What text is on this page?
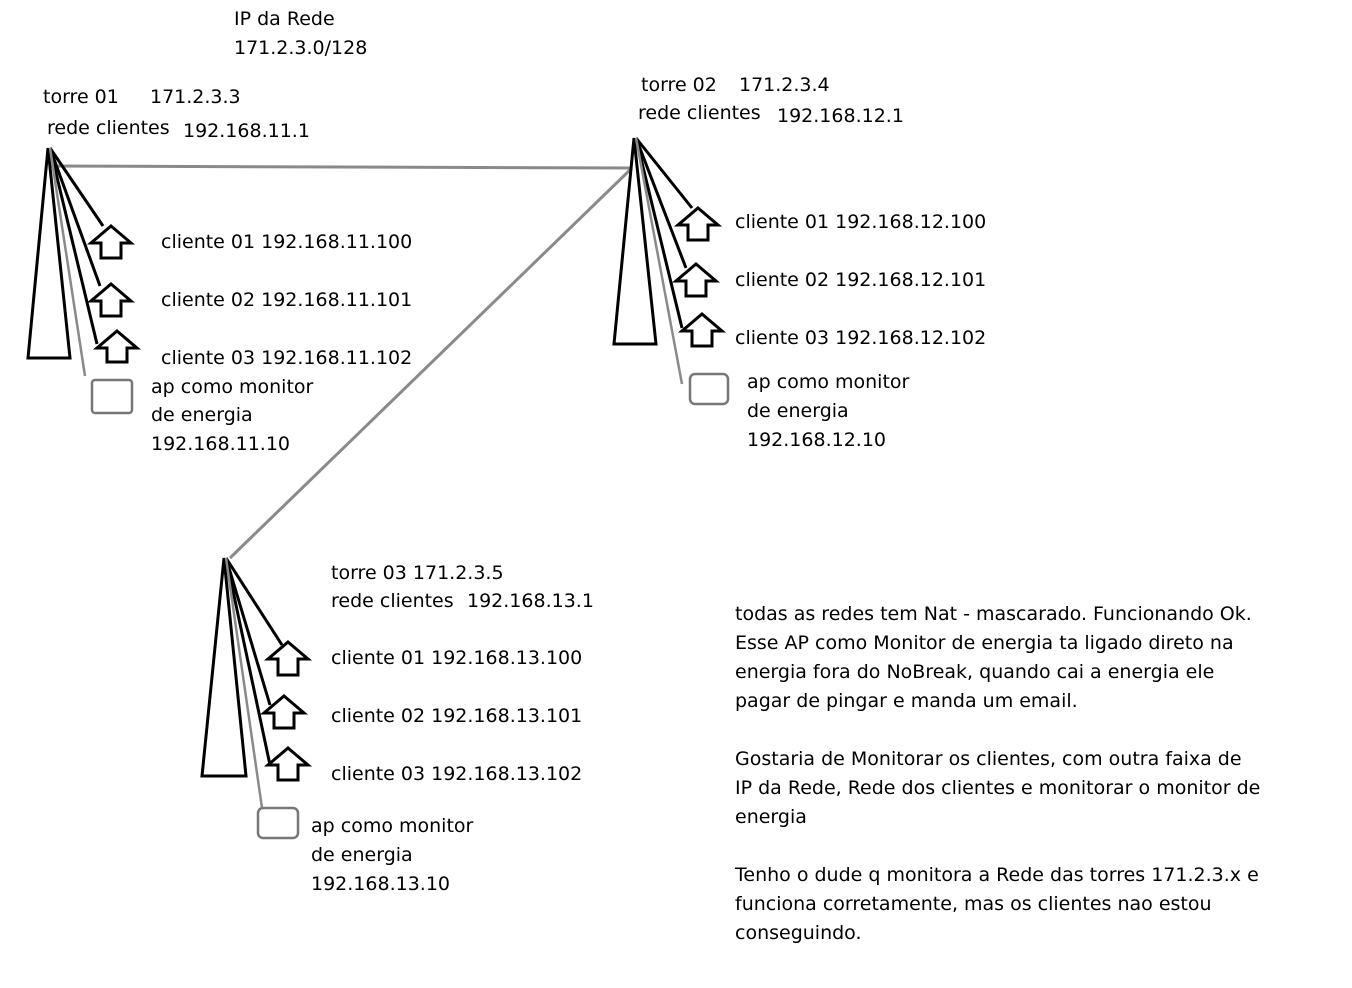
IP da Rede
171.2.3.0/128
torre 01 171.2.3.3
rede clientes 192.168.11.1
cliente 01 192.168.11.100
cliente 02 192.168.11.101
cliente 03 192.168.11.102
ap como monitor
de energia
192.168.11.10
torre 02 171.2.3.4
rede clientes 192.168.12.1
cliente 01 192.168.12.100
cliente 02 192.168.12.101
cliente 03 192.168.12.102
ap como monitor
de energia
192.168.12.10
torre 03 171.2.3.5
rede clientes 192.168.13.1
cliente 01 192.168.13.100
cliente 02 192.168.13.101
cliente 03 192.168.13.102
ap como monitor
de energia
192.168.13.10
todas as redes tem Nat - mascarado. Funcionando Ok.
Esse AP como Monitor de energia ta ligado direto na
energia fora do NoBreak, quando cai a energia ele
pagar de pingar e manda um email.
Gostaria de Monitorar os clientes, com outra faixa de
IP da Rede, Rede dos clientes e monitorar o monitor de
energia
Tenho o dude q monitora a Rede das torres 171.2.3.x e
funciona corretamente, mas os clientes nao estou
conseguindo.
